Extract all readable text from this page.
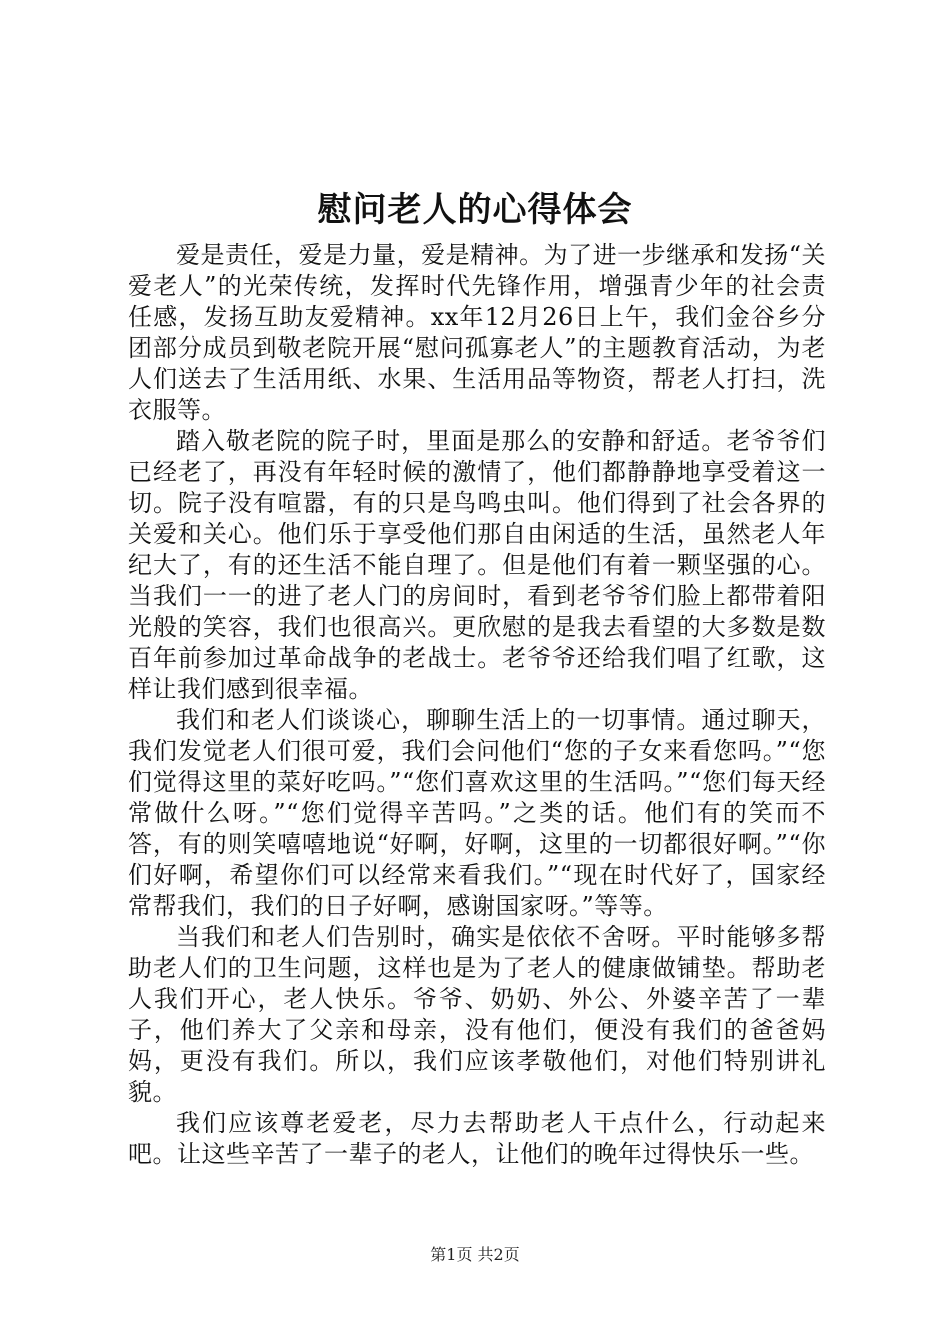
慰问老人的心得体会

爱是责任，爱是力量，爱是精神。为了进一步继承和发扬“关爱老人”的光荣传统，发挥时代先锋作用，增强青少年的社会责任感，发扬互助友爱精神。xx年12月26日上午，我们金谷乡分团部分成员到敬老院开展“慰问孤寡老人”的主题教育活动，为老人们送去了生活用纸、水果、生活用品等物资，帮老人打扫，洗衣服等。

踏入敬老院的院子时，里面是那么的安静和舒适。老爷爷们已经老了，再没有年轻时候的激情了，他们都静静地享受着这一切。院子没有喧嚣，有的只是鸟鸣虫叫。他们得到了社会各界的关爱和关心。他们乐于享受他们那自由闲适的生活，虽然老人年纪大了，有的还生活不能自理了。但是他们有着一颗坚强的心。当我们一一的进了老人门的房间时，看到老爷爷们脸上都带着阳光般的笑容，我们也很高兴。更欣慰的是我去看望的大多数是数百年前参加过革命战争的老战士。老爷爷还给我们唱了红歌，这样让我们感到很幸福。

我们和老人们谈谈心，聊聊生活上的一切事情。通过聊天，我们发觉老人们很可爱，我们会问他们“您的子女来看您吗。”“您们觉得这里的菜好吃吗。”“您们喜欢这里的生活吗。”“您们每天经常做什么呀。”“您们觉得辛苦吗。”之类的话。他们有的笑而不答，有的则笑嘻嘻地说“好啊，好啊，这里的一切都很好啊。”“你们好啊，希望你们可以经常来看我们。”“现在时代好了，国家经常帮我们，我们的日子好啊，感谢国家呀。”等等。

当我们和老人们告别时，确实是依依不舍呀。平时能够多帮助老人们的卫生问题，这样也是为了老人的健康做铺垫。帮助老人我们开心，老人快乐。爷爷、奶奶、外公、外婆辛苦了一辈子，他们养大了父亲和母亲，没有他们，便没有我们的爸爸妈妈，更没有我们。所以，我们应该孝敬他们，对他们特别讲礼貌。

我们应该尊老爱老，尽力去帮助老人干点什么，行动起来吧。让这些辛苦了一辈子的老人，让他们的晚年过得快乐一些。

第1页 共2页
